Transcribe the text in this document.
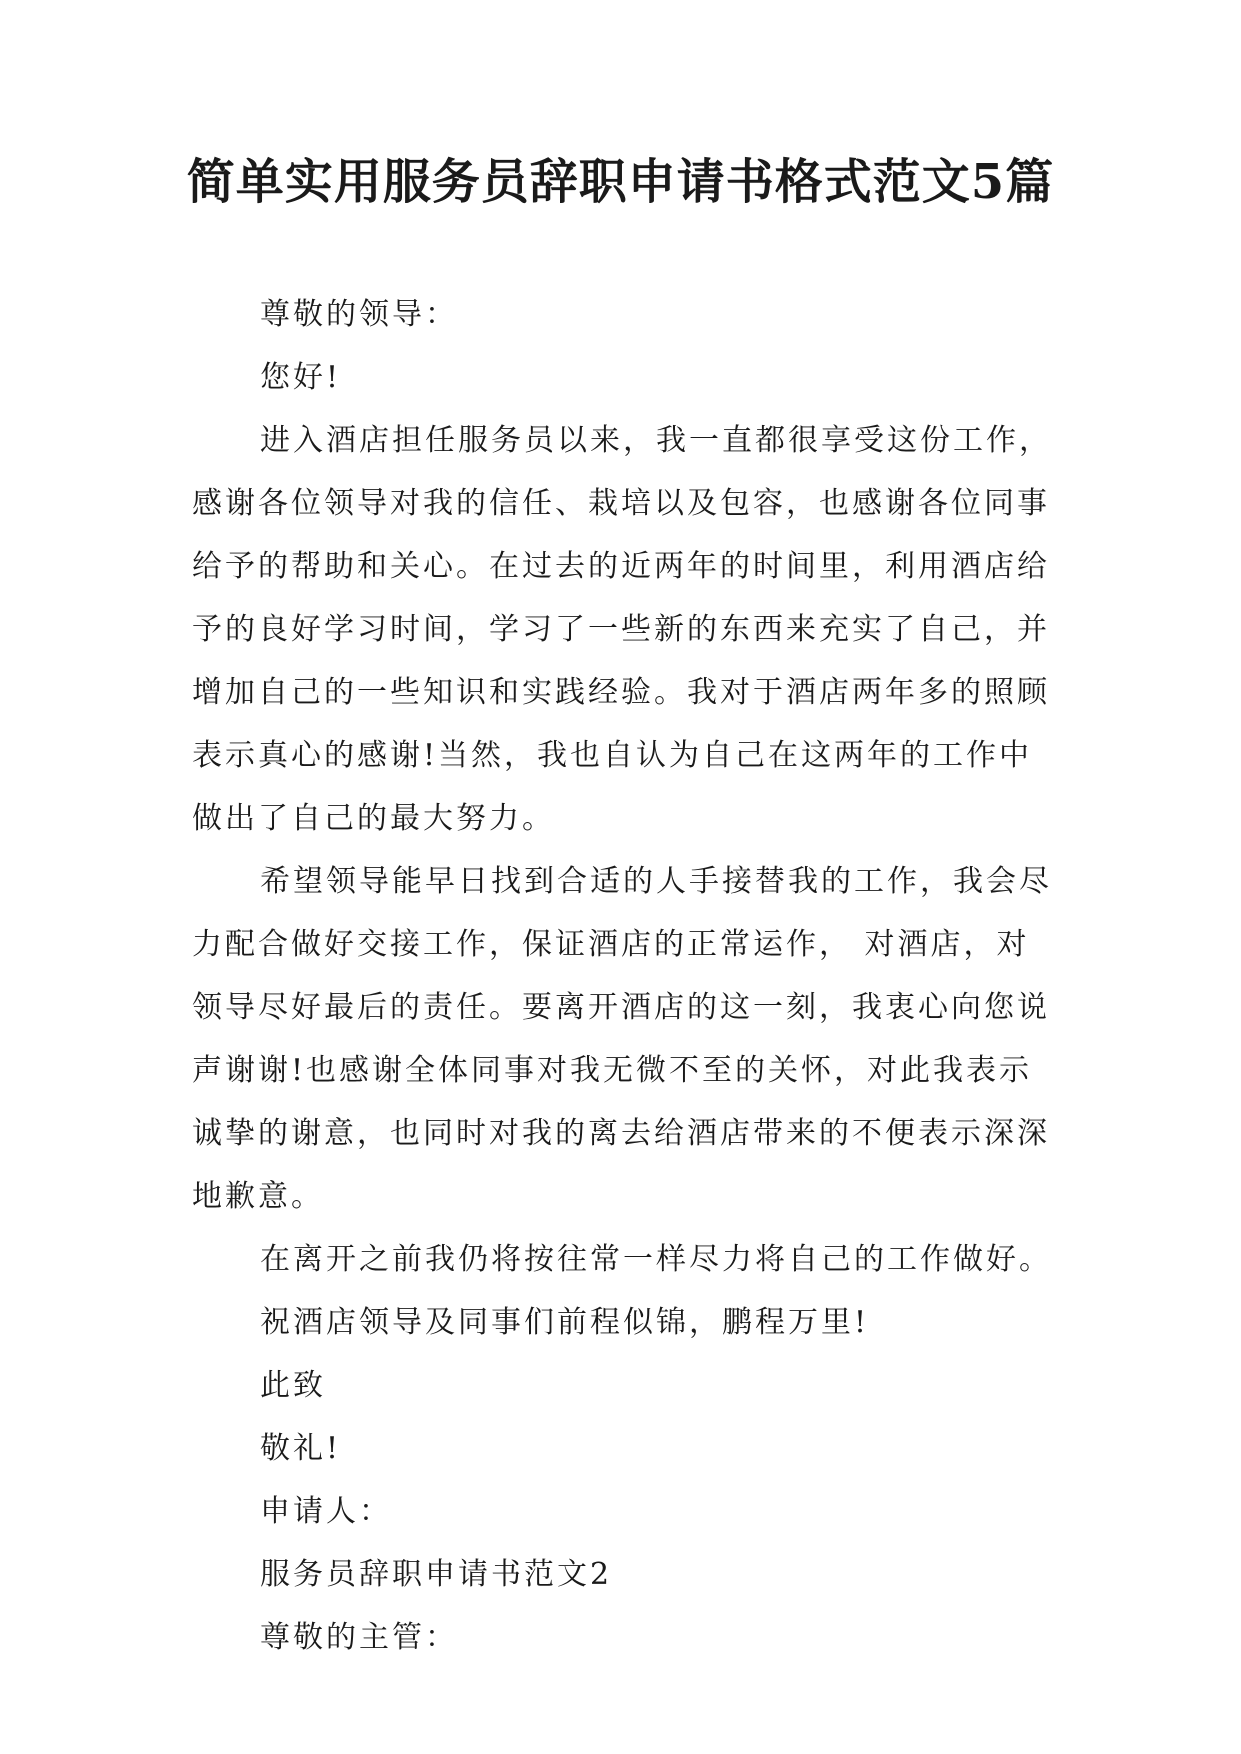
简单实用服务员辞职申请书格式范文5篇
尊敬的领导：
您好!
进入酒店担任服务员以来，我一直都很享受这份工作，
感谢各位领导对我的信任、栽培以及包容，也感谢各位同事
给予的帮助和关心。在过去的近两年的时间里，利用酒店给
予的良好学习时间，学习了一些新的东西来充实了自己，并
增加自己的一些知识和实践经验。我对于酒店两年多的照顾
表示真心的感谢!当然，我也自认为自己在这两年的工作中
做出了自己的最大努力。
希望领导能早日找到合适的人手接替我的工作，我会尽
力配合做好交接工作，保证酒店的正常运作， 对酒店，对
领导尽好最后的责任。要离开酒店的这一刻，我衷心向您说
声谢谢!也感谢全体同事对我无微不至的关怀，对此我表示
诚挚的谢意，也同时对我的离去给酒店带来的不便表示深深
地歉意。
在离开之前我仍将按往常一样尽力将自己的工作做好。
祝酒店领导及同事们前程似锦，鹏程万里!
此致
敬礼!
申请人：
服务员辞职申请书范文2
尊敬的主管：
